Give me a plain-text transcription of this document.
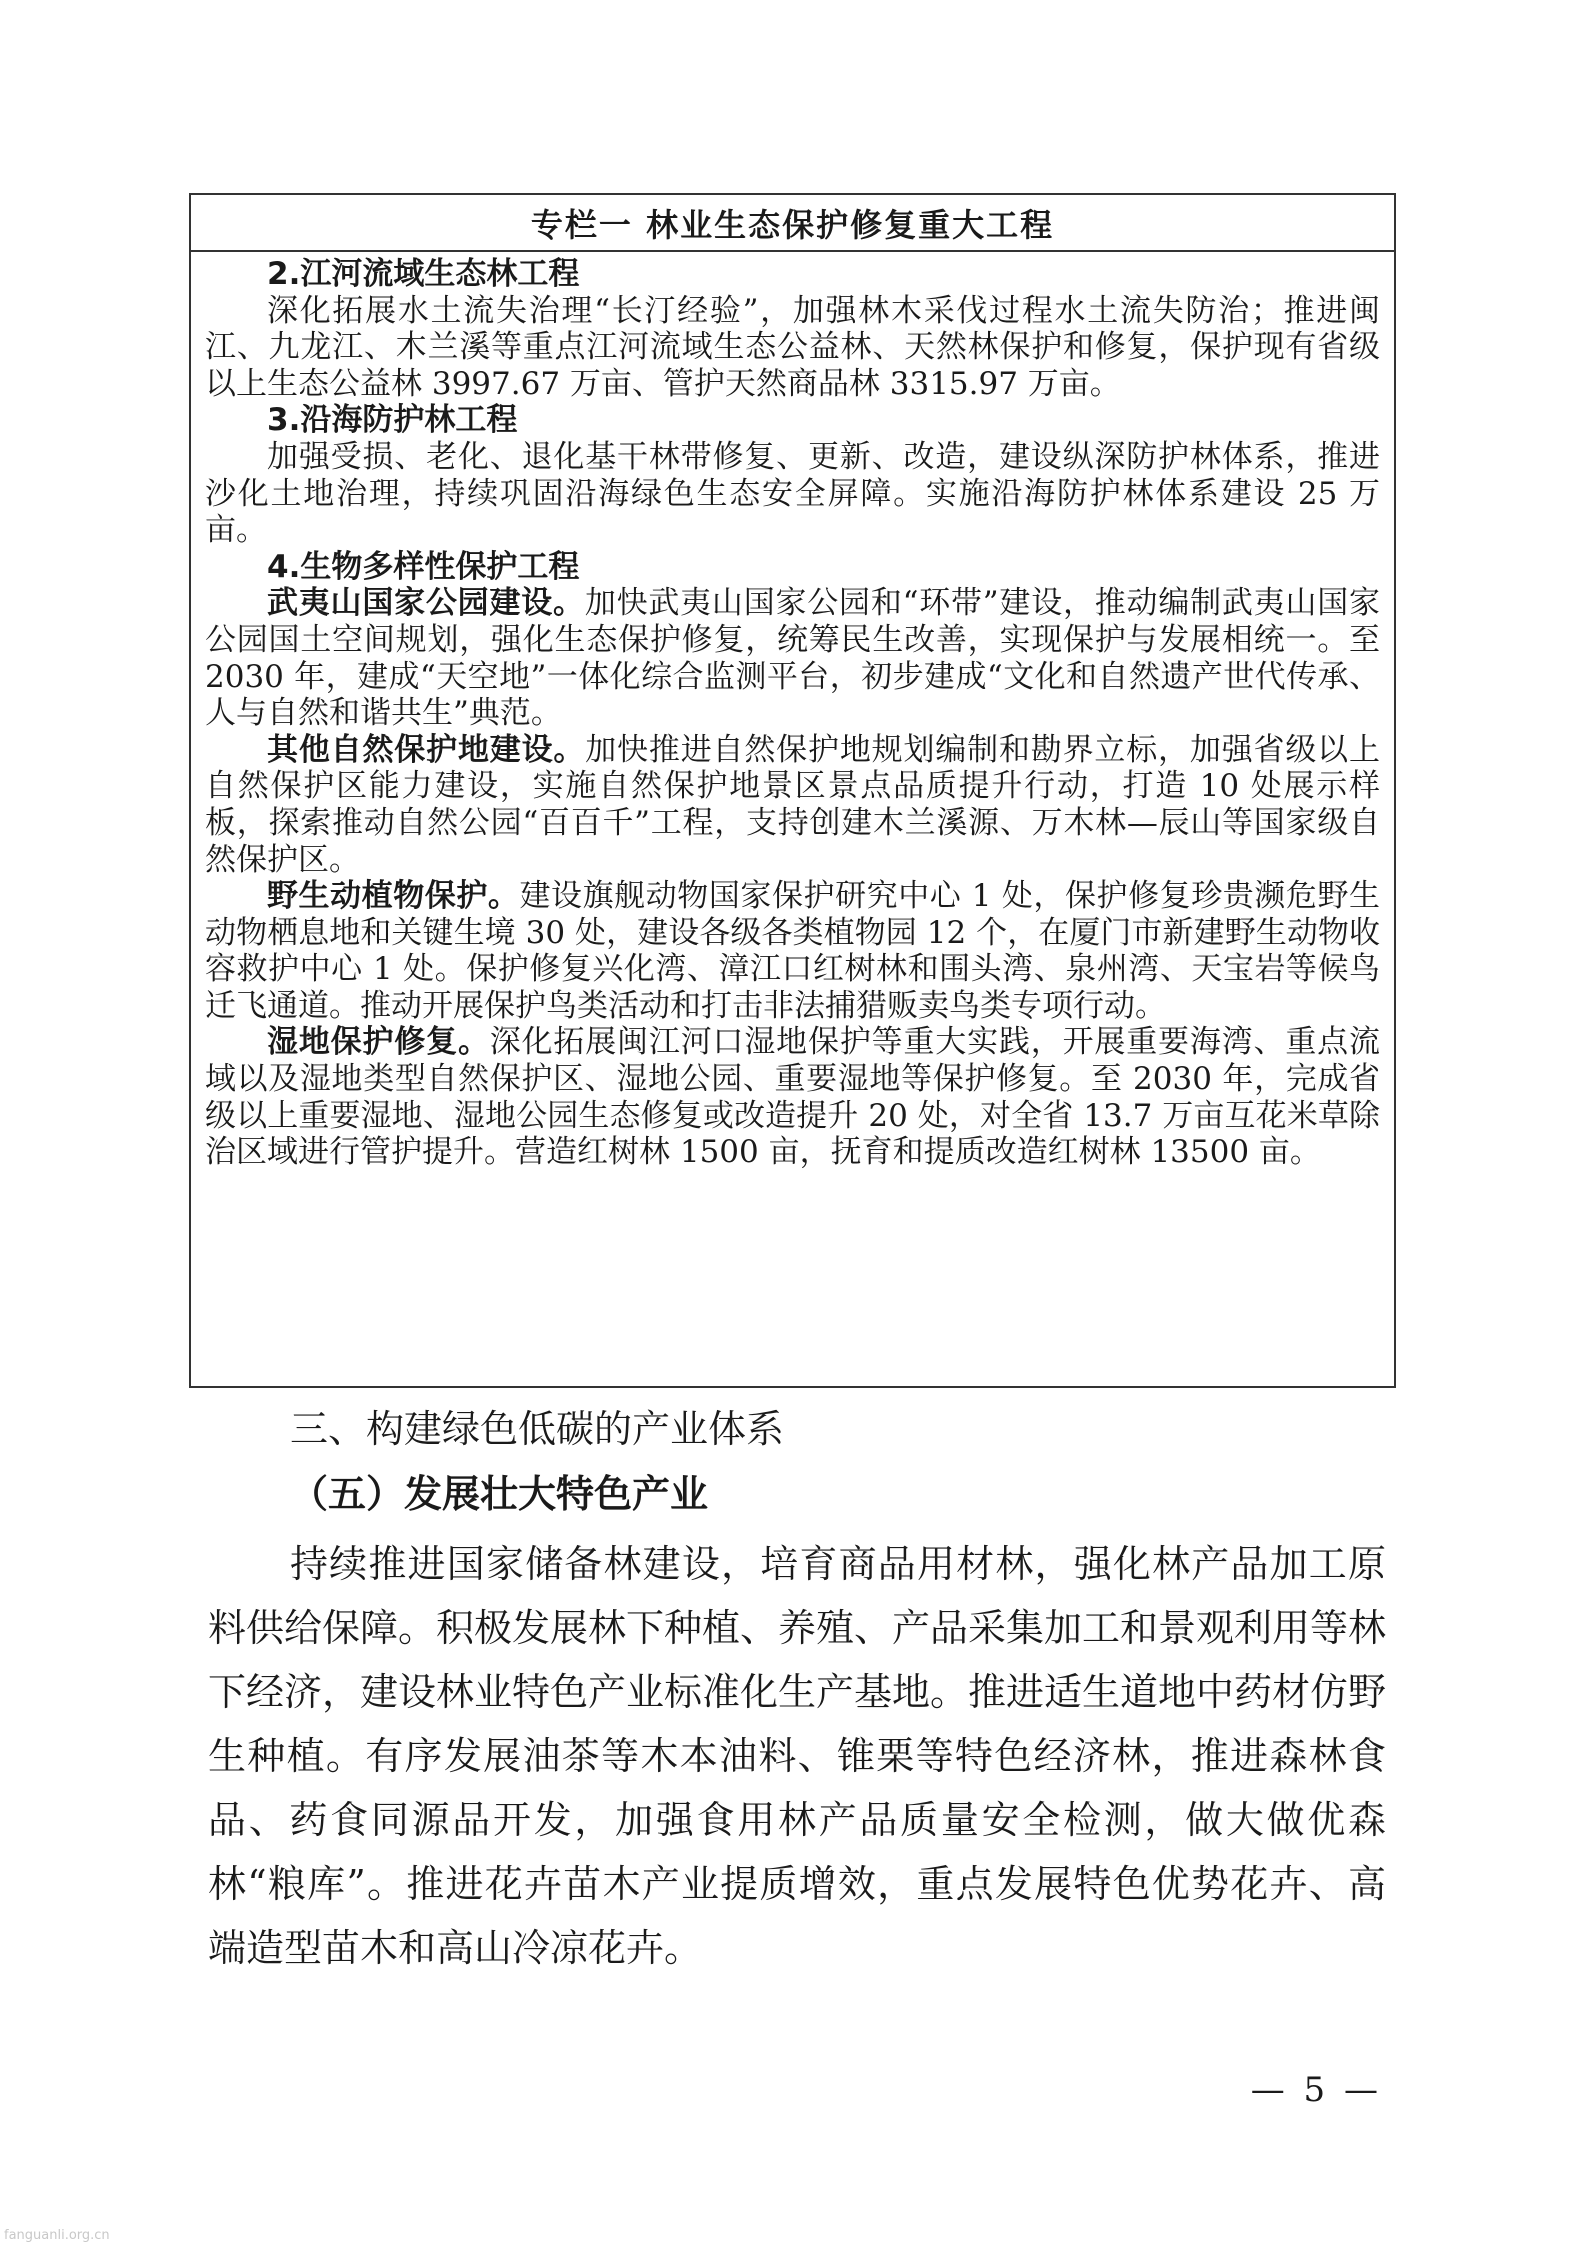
专栏一 林业生态保护修复重大工程

2.江河流域生态林工程

深化拓展水土流失治理“长汀经验”，加强林木采伐过程水土流失防治；推进闽江、九龙江、木兰溪等重点江河流域生态公益林、天然林保护和修复，保护现有省级以上生态公益林 3997.67 万亩、管护天然商品林 3315.97 万亩。

3.沿海防护林工程

加强受损、老化、退化基干林带修复、更新、改造，建设纵深防护林体系，推进沙化土地治理，持续巩固沿海绿色生态安全屏障。实施沿海防护林体系建设 25 万亩。

4.生物多样性保护工程

武夷山国家公园建设。加快武夷山国家公园和“环带”建设，推动编制武夷山国家公园国土空间规划，强化生态保护修复，统筹民生改善，实现保护与发展相统一。至 2030 年，建成“天空地”一体化综合监测平台，初步建成“文化和自然遗产世代传承、人与自然和谐共生”典范。

其他自然保护地建设。加快推进自然保护地规划编制和勘界立标，加强省级以上自然保护区能力建设，实施自然保护地景区景点品质提升行动，打造 10 处展示样板，探索推动自然公园“百百千”工程，支持创建木兰溪源、万木林—辰山等国家级自然保护区。

野生动植物保护。建设旗舰动物国家保护研究中心 1 处，保护修复珍贵濒危野生动物栖息地和关键生境 30 处，建设各级各类植物园 12 个，在厦门市新建野生动物收容救护中心 1 处。保护修复兴化湾、漳江口红树林和围头湾、泉州湾、天宝岩等候鸟迁飞通道。推动开展保护鸟类活动和打击非法捕猎贩卖鸟类专项行动。

湿地保护修复。深化拓展闽江河口湿地保护等重大实践，开展重要海湾、重点流域以及湿地类型自然保护区、湿地公园、重要湿地等保护修复。至 2030 年，完成省级以上重要湿地、湿地公园生态修复或改造提升 20 处，对全省 13.7 万亩互花米草除治区域进行管护提升。营造红树林 1500 亩，抚育和提质改造红树林 13500 亩。

三、构建绿色低碳的产业体系
（五）发展壮大特色产业
持续推进国家储备林建设，培育商品用材林，强化林产品加工原料供给保障。积极发展林下种植、养殖、产品采集加工和景观利用等林下经济，建设林业特色产业标准化生产基地。推进适生道地中药材仿野生种植。有序发展油茶等木本油料、锥栗等特色经济林，推进森林食品、药食同源品开发，加强食用林产品质量安全检测，做大做优森林“粮库”。推进花卉苗木产业提质增效，重点发展特色优势花卉、高端造型苗木和高山冷凉花卉。
— 5 —
fanguanli.org.cn
